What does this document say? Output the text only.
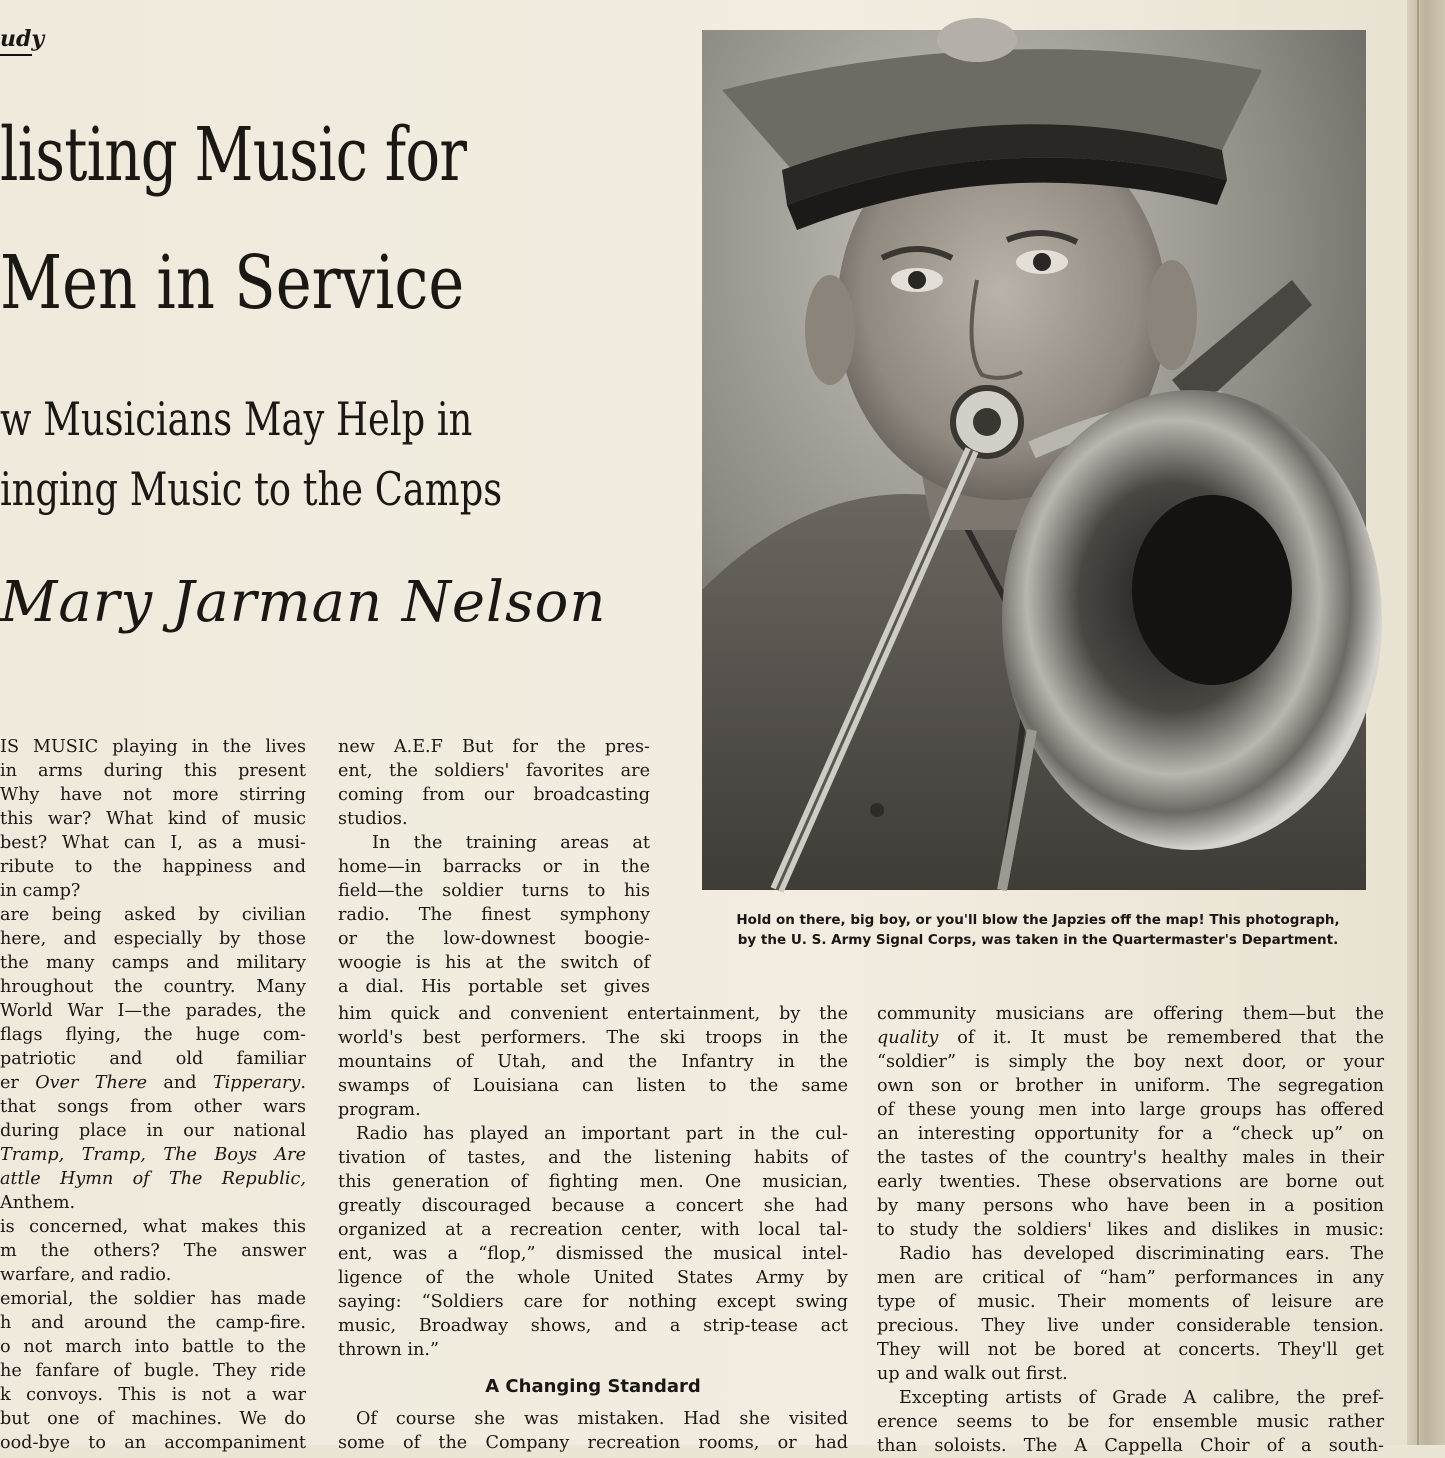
udy
listing Music for
Men in Service
w Musicians May Help in
inging Music to the Camps
Mary Jarman Nelson
Hold on there, big boy, or you'll blow the Japzies off the map! This photograph,
by the U. S. Army Signal Corps, was taken in the Quartermaster's Department.
IS MUSIC playing in the lives
in arms during this present
Why have not more stirring
this war? What kind of music
best? What can I, as a musi-
ribute to the happiness and
in camp?
are being asked by civilian
here, and especially by those
the many camps and military
hroughout the country. Many
World War I—the parades, the
flags flying, the huge com-
patriotic and old familiar
er Over There and Tipperary.
that songs from other wars
during place in our national
Tramp, Tramp, The Boys Are
attle Hymn of The Republic,
Anthem.
is concerned, what makes this
m the others? The answer
warfare, and radio.
emorial, the soldier has made
h and around the camp-fire.
o not march into battle to the
he fanfare of bugle. They ride
k convoys. This is not a war
but one of machines. We do
ood-bye to an accompaniment
new A.E.F But for the pres-
ent, the soldiers' favorites are
coming from our broadcasting
studios.
In the training areas at
home—in barracks or in the
field—the soldier turns to his
radio. The finest symphony
or the low-downest boogie-
woogie is his at the switch of
a dial. His portable set gives
him quick and convenient entertainment, by the
world's best performers. The ski troops in the
mountains of Utah, and the Infantry in the
swamps of Louisiana can listen to the same
program.
Radio has played an important part in the cul-
tivation of tastes, and the listening habits of
this generation of fighting men. One musician,
greatly discouraged because a concert she had
organized at a recreation center, with local tal-
ent, was a “flop,” dismissed the musical intel-
ligence of the whole United States Army by
saying: “Soldiers care for nothing except swing
music, Broadway shows, and a strip-tease act
thrown in.”
A Changing Standard
Of course she was mistaken. Had she visited
some of the Company recreation rooms, or had
community musicians are offering them—but the
quality of it. It must be remembered that the
“soldier” is simply the boy next door, or your
own son or brother in uniform. The segregation
of these young men into large groups has offered
an interesting opportunity for a “check up” on
the tastes of the country's healthy males in their
early twenties. These observations are borne out
by many persons who have been in a position
to study the soldiers' likes and dislikes in music:
Radio has developed discriminating ears. The
men are critical of “ham” performances in any
type of music. Their moments of leisure are
precious. They live under considerable tension.
They will not be bored at concerts. They'll get
up and walk out first.
Excepting artists of Grade A calibre, the pref-
erence seems to be for ensemble music rather
than soloists. The A Cappella Choir of a south-
